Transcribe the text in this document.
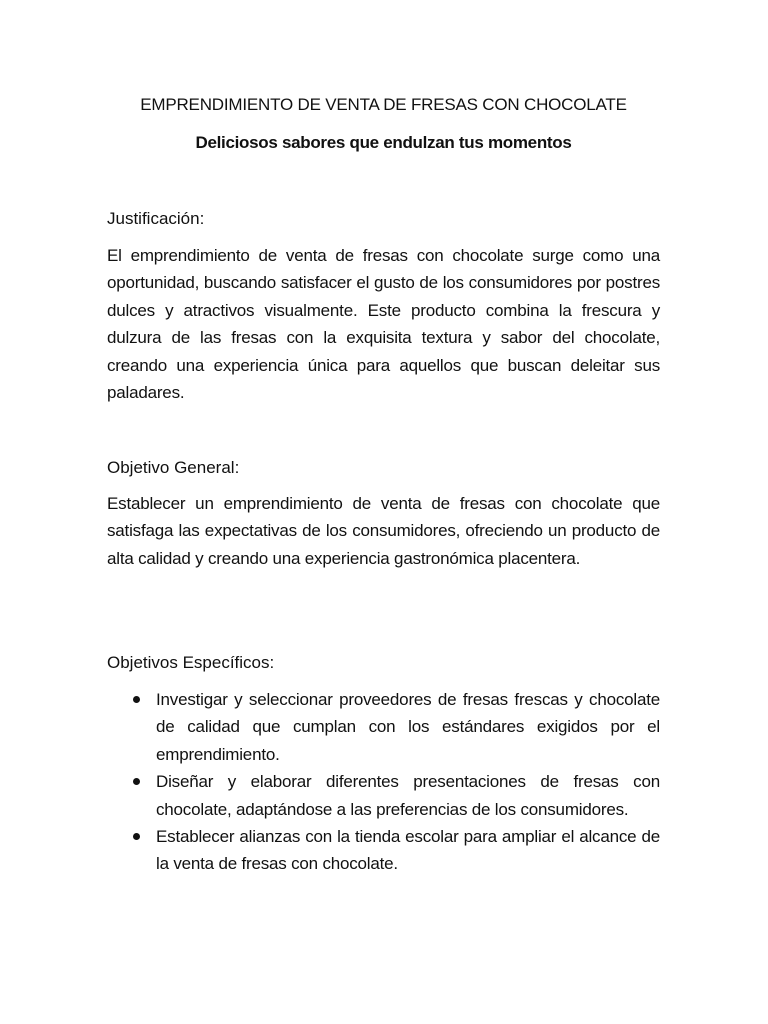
EMPRENDIMIENTO DE VENTA DE FRESAS CON CHOCOLATE
Deliciosos sabores que endulzan tus momentos
Justificación:
El emprendimiento de venta de fresas con chocolate surge como una oportunidad, buscando satisfacer el gusto de los consumidores por postres dulces y atractivos visualmente. Este producto combina la frescura y dulzura de las fresas con la exquisita textura y sabor del chocolate, creando una experiencia única para aquellos que buscan deleitar sus paladares.
Objetivo General:
Establecer un emprendimiento de venta de fresas con chocolate que satisfaga las expectativas de los consumidores, ofreciendo un producto de alta calidad y creando una experiencia gastronómica placentera.
Objetivos Específicos:
Investigar y seleccionar proveedores de fresas frescas y chocolate de calidad que cumplan con los estándares exigidos por el emprendimiento.
Diseñar y elaborar diferentes presentaciones de fresas con chocolate, adaptándose a las preferencias de los consumidores.
Establecer alianzas con la tienda escolar para ampliar el alcance de la venta de fresas con chocolate.
